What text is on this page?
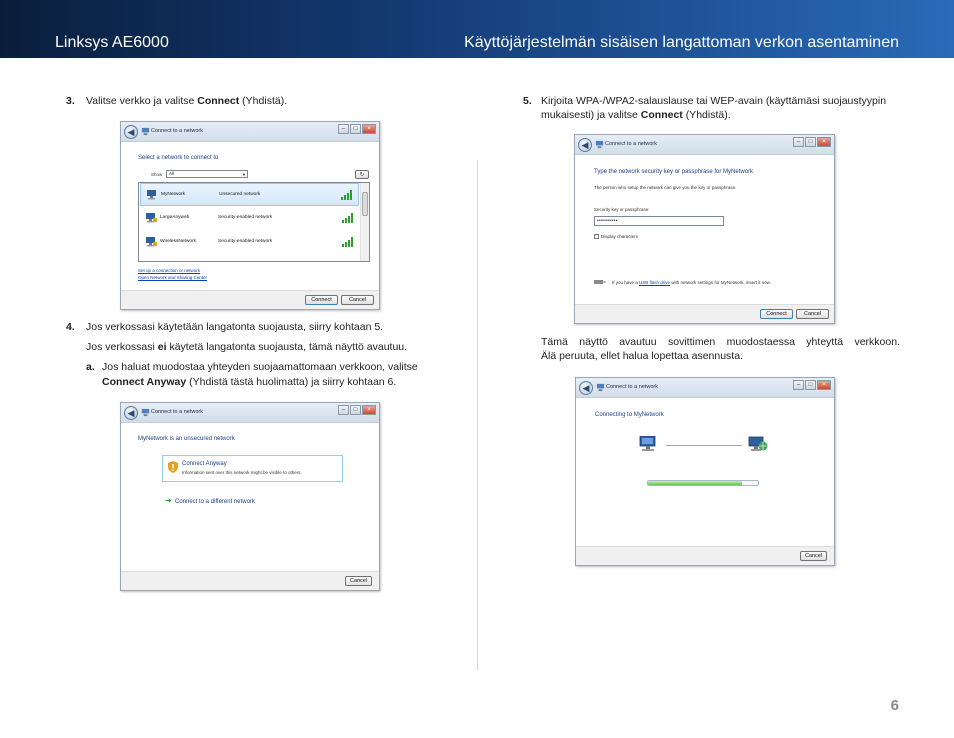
Linksys AE6000	Käyttöjärjestelmän sisäisen langattoman verkon asentaminen
3. Valitse verkko ja valitse Connect (Yhdistä).
◀	Connect to a network	–	□	×
Select a network to connect to
Show	All	▼	↻
MyNetwork	Unsecured network
LargeAnyweb	Security-enabled network
WirelessNetwork	Security-enabled network
Set up a connection or network
Open Network and Sharing Center
Connect	Cancel
4. Jos verkossasi käytetään langatonta suojausta, siirry kohtaan 5.
Jos verkossasi ei käytetä langatonta suojausta, tämä näyttö avautuu.
a. Jos haluat muodostaa yhteyden suojaamattomaan verkkoon, valitse
Connect Anyway (Yhdistä tästä huolimatta) ja siirry kohtaan 6.
◀	Connect to a network	–	□	×
MyNetwork is an unsecured network
Connect Anyway
Information sent over this network might be visible to others.
➜ Connect to a different network
Cancel
5. Kirjoita WPA-/WPA2-salauslause tai WEP-avain (käyttämäsi suojaustyypin
mukaisesti) ja valitse Connect (Yhdistä).
◀	Connect to a network	–	□	×
Type the network security key or passphrase for MyNetwork
The person who setup the network can give you the key or passphrase.
Security key or passphrase:
••••••••••
Display characters
If you have a USB flash drive with network settings for MyNetwork, insert it now.
Connect	Cancel
Tämä näyttö avautuu sovittimen muodostaessa yhteyttä verkkoon.
Älä peruuta, ellet halua lopettaa asennusta.
◀	Connect to a network	–	□	×
Connecting to MyNetwork
Cancel
6
